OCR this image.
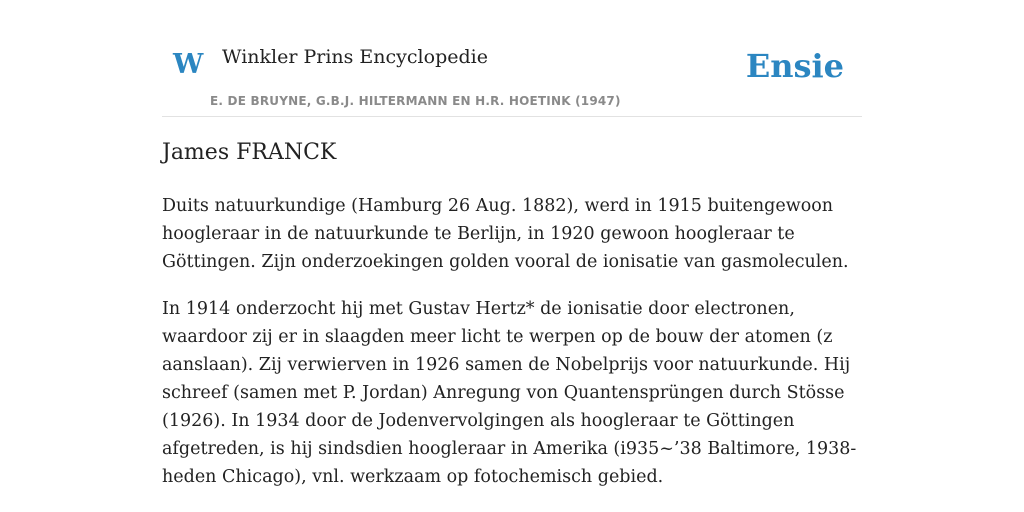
W Winkler Prins Encyclopedie
E. DE BRUYNE, G.B.J. HILTERMANN EN H.R. HOETINK (1947)
Ensie
James FRANCK

Duits natuurkundige (Hamburg 26 Aug. 1882), werd in 1915 buitengewoon hoogleraar in de natuurkunde te Berlijn, in 1920 gewoon hoogleraar te Göttingen. Zijn onderzoekingen golden vooral de ionisatie van gasmoleculen.

In 1914 onderzocht hij met Gustav Hertz* de ionisatie door electronen, waardoor zij er in slaagden meer licht te werpen op de bouw der atomen (z aanslaan). Zij verwierven in 1926 samen de Nobelprijs voor natuurkunde. Hij schreef (samen met P. Jordan) Anregung von Quantensprüngen durch Stösse (1926). In 1934 door de Jodenvervolgingen als hoogleraar te Göttingen afgetreden, is hij sindsdien hoogleraar in Amerika (i935~’38 Baltimore, 1938-heden Chicago), vnl. werkzaam op fotochemisch gebied.
